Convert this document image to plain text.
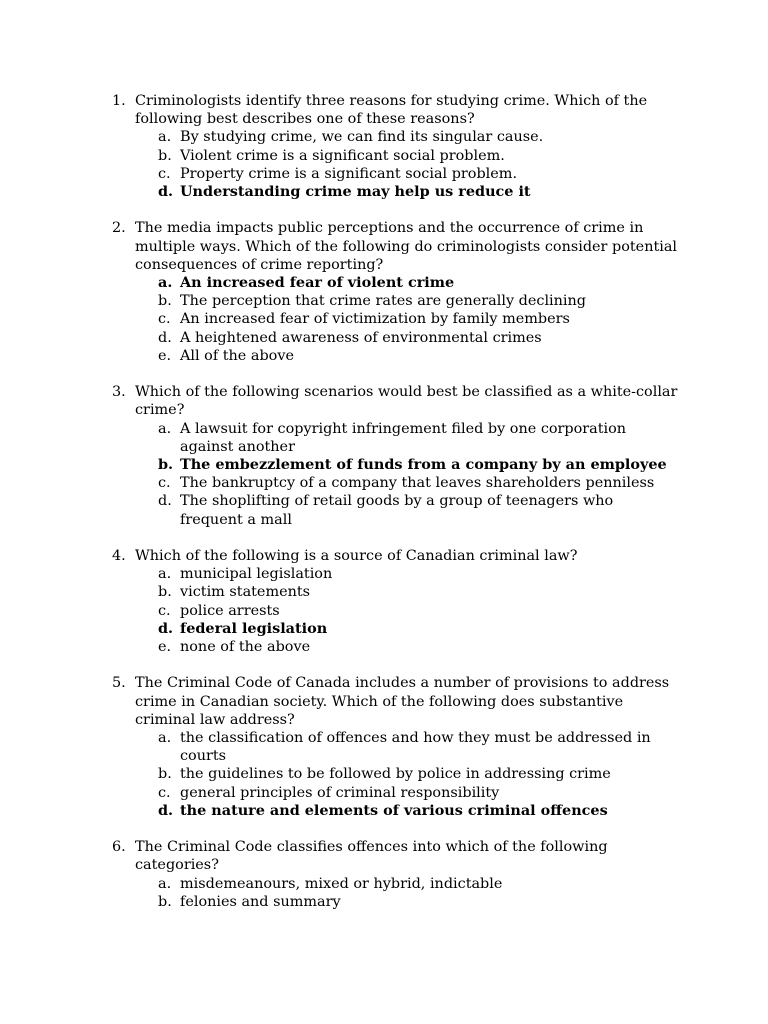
1. Criminologists identify three reasons for studying crime. Which of the following best describes one of these reasons?
a. By studying crime, we can find its singular cause.
b. Violent crime is a significant social problem.
c. Property crime is a significant social problem.
d. Understanding crime may help us reduce it
2. The media impacts public perceptions and the occurrence of crime in multiple ways. Which of the following do criminologists consider potential consequences of crime reporting?
a. An increased fear of violent crime
b. The perception that crime rates are generally declining
c. An increased fear of victimization by family members
d. A heightened awareness of environmental crimes
e. All of the above
3. Which of the following scenarios would best be classified as a white-collar crime?
a. A lawsuit for copyright infringement filed by one corporation against another
b. The embezzlement of funds from a company by an employee
c. The bankruptcy of a company that leaves shareholders penniless
d. The shoplifting of retail goods by a group of teenagers who frequent a mall
4. Which of the following is a source of Canadian criminal law?
a. municipal legislation
b. victim statements
c. police arrests
d. federal legislation
e. none of the above
5. The Criminal Code of Canada includes a number of provisions to address crime in Canadian society. Which of the following does substantive criminal law address?
a. the classification of offences and how they must be addressed in courts
b. the guidelines to be followed by police in addressing crime
c. general principles of criminal responsibility
d. the nature and elements of various criminal offences
6. The Criminal Code classifies offences into which of the following categories?
a. misdemeanours, mixed or hybrid, indictable
b. felonies and summary
